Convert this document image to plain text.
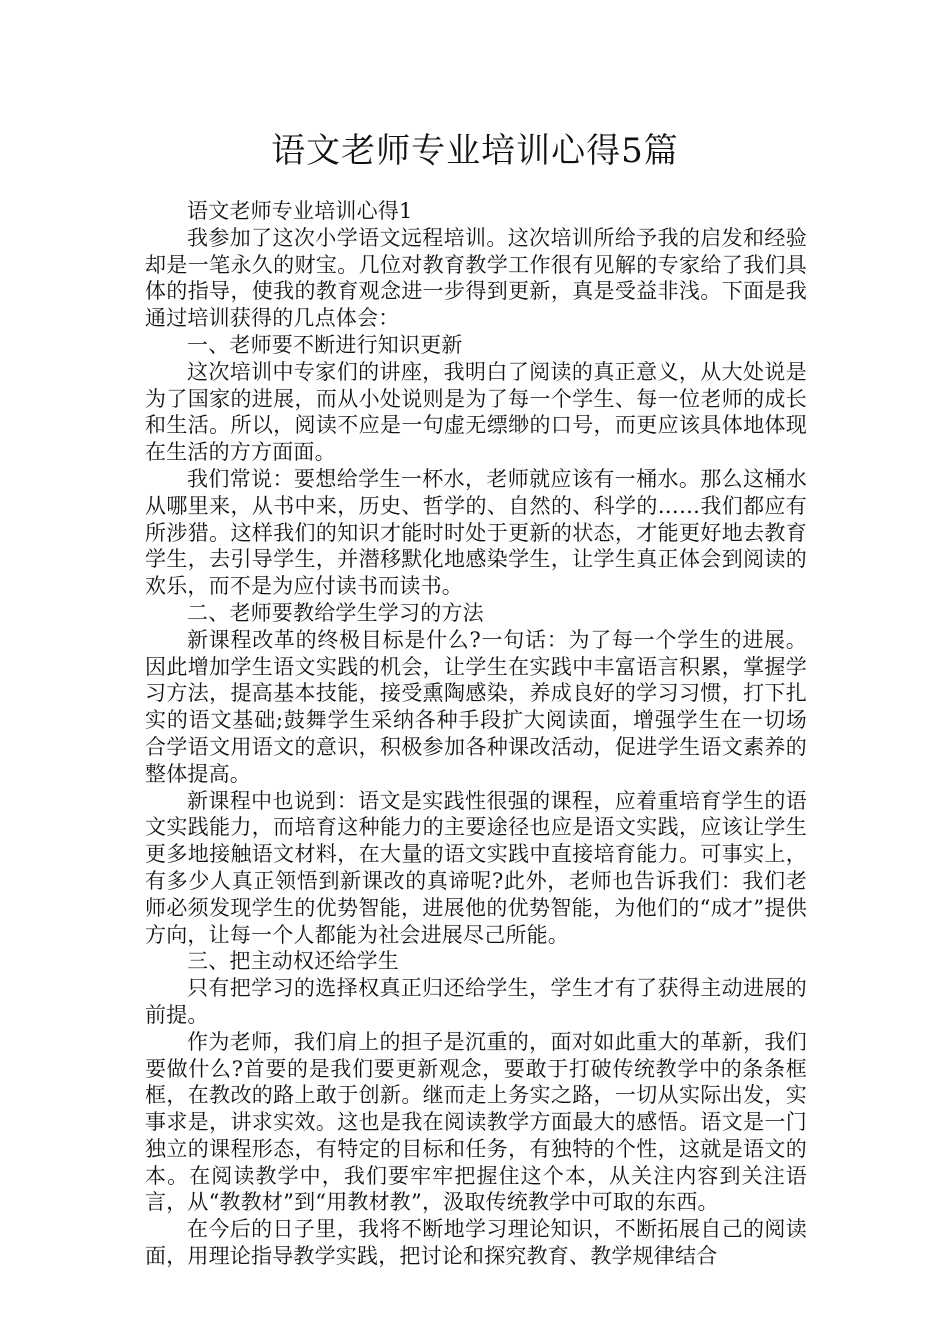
语文老师专业培训心得5篇

语文老师专业培训心得1

我参加了这次小学语文远程培训。这次培训所给予我的启发和经验却是一笔永久的财宝。几位对教育教学工作很有见解的专家给了我们具体的指导，使我的教育观念进一步得到更新，真是受益非浅。下面是我通过培训获得的几点体会：

一、老师要不断进行知识更新

这次培训中专家们的讲座，我明白了阅读的真正意义，从大处说是为了国家的进展，而从小处说则是为了每一个学生、每一位老师的成长和生活。所以，阅读不应是一句虚无缥缈的口号，而更应该具体地体现在生活的方方面面。

我们常说：要想给学生一杯水，老师就应该有一桶水。那么这桶水从哪里来，从书中来，历史、哲学的、自然的、科学的……我们都应有所涉猎。这样我们的知识才能时时处于更新的状态，才能更好地去教育学生，去引导学生，并潜移默化地感染学生，让学生真正体会到阅读的欢乐，而不是为应付读书而读书。

二、老师要教给学生学习的方法

新课程改革的终极目标是什么?一句话：为了每一个学生的进展。因此增加学生语文实践的机会，让学生在实践中丰富语言积累，掌握学习方法，提高基本技能，接受熏陶感染，养成良好的学习习惯，打下扎实的语文基础;鼓舞学生采纳各种手段扩大阅读面，增强学生在一切场合学语文用语文的意识，积极参加各种课改活动，促进学生语文素养的整体提高。

新课程中也说到：语文是实践性很强的课程，应着重培育学生的语文实践能力，而培育这种能力的主要途径也应是语文实践，应该让学生更多地接触语文材料，在大量的语文实践中直接培育能力。可事实上，有多少人真正领悟到新课改的真谛呢?此外，老师也告诉我们：我们老师必须发现学生的优势智能，进展他的优势智能，为他们的“成才”提供方向，让每一个人都能为社会进展尽己所能。

三、把主动权还给学生

只有把学习的选择权真正归还给学生，学生才有了获得主动进展的前提。

作为老师，我们肩上的担子是沉重的，面对如此重大的革新，我们要做什么?首要的是我们要更新观念，要敢于打破传统教学中的条条框框，在教改的路上敢于创新。继而走上务实之路，一切从实际出发，实事求是，讲求实效。这也是我在阅读教学方面最大的感悟。语文是一门独立的课程形态，有特定的目标和任务，有独特的个性，这就是语文的本。在阅读教学中，我们要牢牢把握住这个本，从关注内容到关注语言，从“教教材”到“用教材教”，汲取传统教学中可取的东西。

在今后的日子里，我将不断地学习理论知识，不断拓展自己的阅读面，用理论指导教学实践，把讨论和探究教育、教学规律结合
